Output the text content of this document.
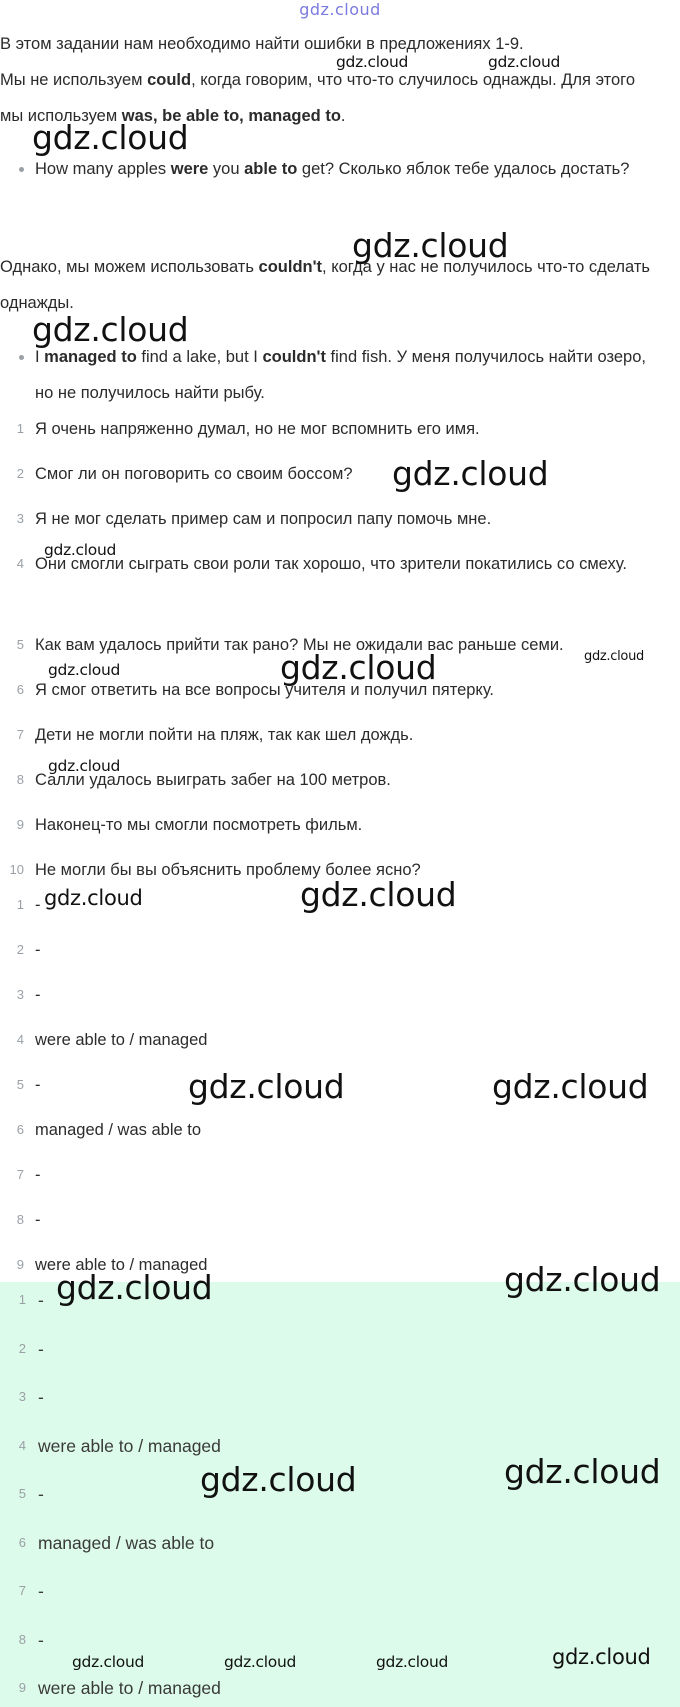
gdz.cloud
В этом задании нам необходимо найти ошибки в предложениях 1-9.
Мы не используем could, когда говорим, что что-то случилось однажды. Для этого мы используем was, be able to, managed to.
How many apples were you able to get? Сколько яблок тебе удалось достать?
Однако, мы можем использовать couldn't, когда у нас не получилось что-то сделать однажды.
I managed to find a lake, but I couldn't find fish. У меня получилось найти озеро, но не получилось найти рыбу.
1 Я очень напряженно думал, но не мог вспомнить его имя.
2 Смог ли он поговорить со своим боссом?
3 Я не мог сделать пример сам и попросил папу помочь мне.
4 Они смогли сыграть свои роли так хорошо, что зрители покатились со смеху.
5 Как вам удалось прийти так рано? Мы не ожидали вас раньше семи.
6 Я смог ответить на все вопросы учителя и получил пятерку.
7 Дети не могли пойти на пляж, так как шел дождь.
8 Салли удалось выиграть забег на 100 метров.
9 Наконец-то мы смогли посмотреть фильм.
10 Не могли бы вы объяснить проблему более ясно?
1 -
2 -
3 -
4 were able to / managed
5 -
6 managed / was able to
7 -
8 -
9 were able to / managed
1 -
2 -
3 -
4 were able to / managed
5 -
6 managed / was able to
7 -
8 -
9 were able to / managed
gdz.cloud	gdz.cloud
gdz.cloud
gdz.cloud
gdz.cloud
gdz.cloud
gdz.cloud
gdz.cloud
gdz.cloud
gdz.cloud
gdz.cloud
gdz.cloud
gdz.cloud
gdz.cloud	gdz.cloud
gdz.cloud
gdz.cloud
gdz.cloud
gdz.cloud
gdz.cloud	gdz.cloud	gdz.cloud	gdz.cloud
